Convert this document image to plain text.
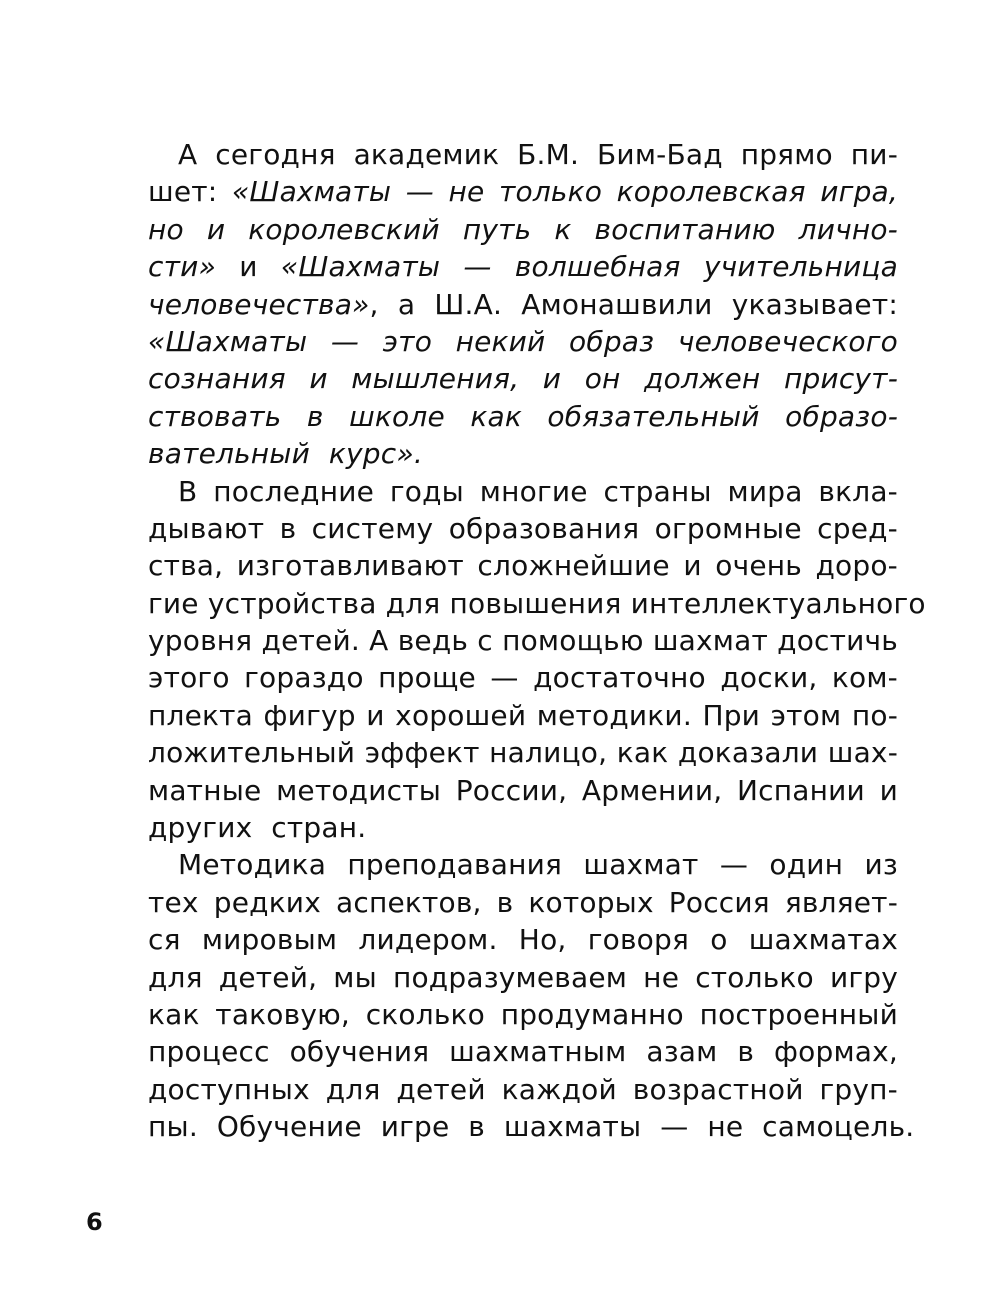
А сегодня академик Б.М. Бим-Бад прямо пи-
шет: «Шахматы — не только королевская игра,
но и королевский путь к воспитанию лично-
сти» и «Шахматы — волшебная учительница
человечества», а Ш.А. Амонашвили указывает:
«Шахматы — это некий образ человеческого
сознания и мышления, и он должен присут-
ствовать в школе как обязательный образо-
вательный курс».
В последние годы многие страны мира вкла-
дывают в систему образования огромные сред-
ства, изготавливают сложнейшие и очень доро-
гие устройства для повышения интеллектуального
уровня детей. А ведь с помощью шахмат достичь
этого гораздо проще — достаточно доски, ком-
плекта фигур и хорошей методики. При этом по-
ложительный эффект налицо, как доказали шах-
матные методисты России, Армении, Испании и
других стран.
Методика преподавания шахмат — один из
тех редких аспектов, в которых Россия являет-
ся мировым лидером. Но, говоря о шахматах
для детей, мы подразумеваем не столько игру
как таковую, сколько продуманно построенный
процесс обучения шахматным азам в формах,
доступных для детей каждой возрастной груп-
пы. Обучение игре в шахматы — не самоцель.
6
